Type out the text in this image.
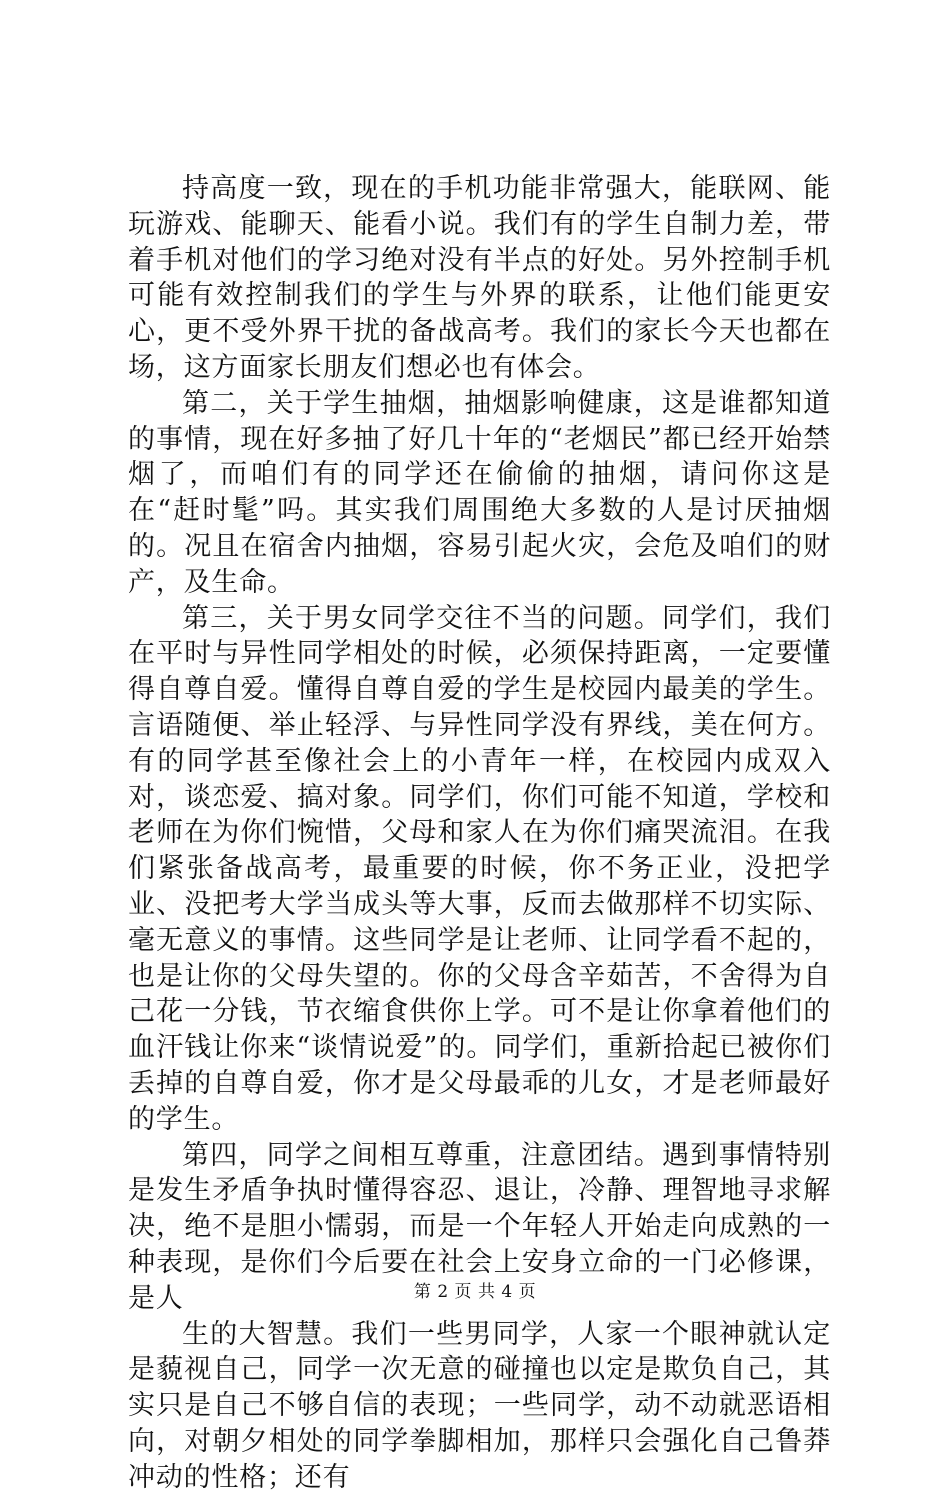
持高度一致，现在的手机功能非常强大，能联网、能玩游戏、能聊天、能看小说。我们有的学生自制力差，带着手机对他们的学习绝对没有半点的好处。另外控制手机可能有效控制我们的学生与外界的联系，让他们能更安心，更不受外界干扰的备战高考。我们的家长今天也都在场，这方面家长朋友们想必也有体会。

第二，关于学生抽烟，抽烟影响健康，这是谁都知道的事情，现在好多抽了好几十年的“老烟民”都已经开始禁烟了，而咱们有的同学还在偷偷的抽烟，请问你这是在“赶时髦”吗。其实我们周围绝大多数的人是讨厌抽烟的。况且在宿舍内抽烟，容易引起火灾，会危及咱们的财产，及生命。

第三，关于男女同学交往不当的问题。同学们，我们在平时与异性同学相处的时候，必须保持距离，一定要懂得自尊自爱。懂得自尊自爱的学生是校园内最美的学生。言语随便、举止轻浮、与异性同学没有界线，美在何方。有的同学甚至像社会上的小青年一样，在校园内成双入对，谈恋爱、搞对象。同学们，你们可能不知道，学校和老师在为你们惋惜，父母和家人在为你们痛哭流泪。在我们紧张备战高考，最重要的时候，你不务正业，没把学业、没把考大学当成头等大事，反而去做那样不切实际、毫无意义的事情。这些同学是让老师、让同学看不起的，也是让你的父母失望的。你的父母含辛茹苦，不舍得为自己花一分钱，节衣缩食供你上学。可不是让你拿着他们的血汗钱让你来“谈情说爱”的。同学们，重新拾起已被你们丢掉的自尊自爱，你才是父母最乖的儿女，才是老师最好的学生。

第四，同学之间相互尊重，注意团结。遇到事情特别是发生矛盾争执时懂得容忍、退让，冷静、理智地寻求解决，绝不是胆小懦弱，而是一个年轻人开始走向成熟的一种表现，是你们今后要在社会上安身立命的一门必修课，是人

生的大智慧。我们一些男同学，人家一个眼神就认定是藐视自己，同学一次无意的碰撞也以定是欺负自己，其实只是自己不够自信的表现；一些同学，动不动就恶语相向，对朝夕相处的同学拳脚相加，那样只会强化自己鲁莽冲动的性格；还有

第 2 页 共 4 页
